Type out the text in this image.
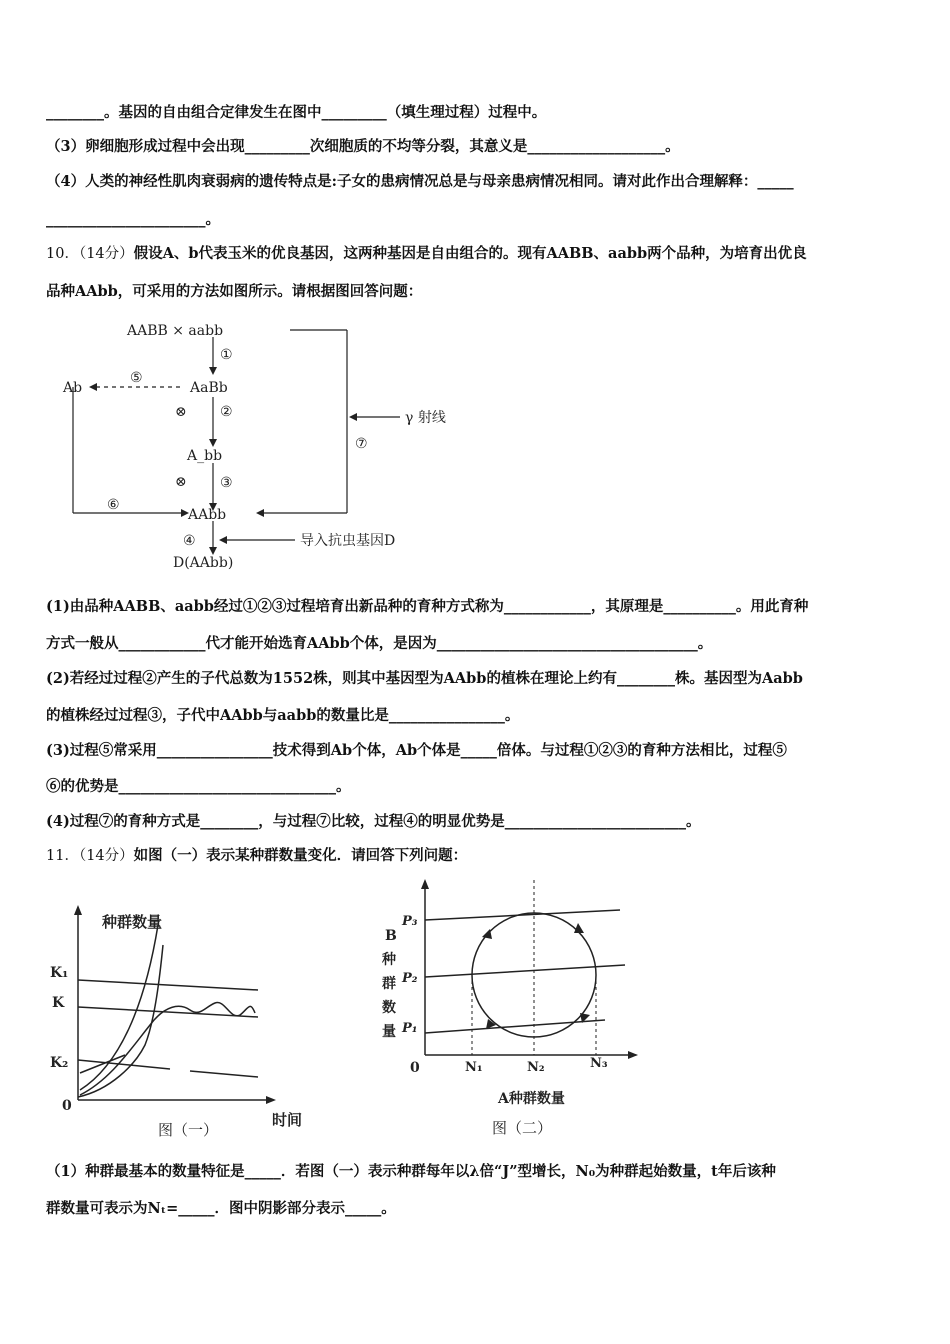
________。基因的自由组合定律发生在图中_________（填生理过程）过程中。
（3）卵细胞形成过程中会出现_________次细胞质的不均等分裂，其意义是___________________。
（4）人类的神经性肌肉衰弱病的遗传特点是:子女的患病情况总是与母亲患病情况相同。请对此作出合理解释：_____
______________________。
10．（14分）假设A、b代表玉米的优良基因，这两种基因是自由组合的。现有AABB、aabb两个品种，为培育出优良
品种AAbb，可采用的方法如图所示。请根据图回答问题：
AABB × aabb
AaBb
Ab
A_bb
AAbb
D(AAbb)
①
⊗ ②
⊗ ③
④
⑤
⑥
⑦
γ 射线
导入抗虫基因D
(1)由品种AABB、aabb经过①②③过程培育出新品种的育种方式称为____________，其原理是__________。用此育种
方式一般从____________代才能开始选育AAbb个体，是因为____________________________________。
(2)若经过过程②产生的子代总数为1552株，则其中基因型为AAbb的植株在理论上约有________株。基因型为Aabb
的植株经过过程③，子代中AAbb与aabb的数量比是________________。
(3)过程⑤常采用________________技术得到Ab个体，Ab个体是_____倍体。与过程①②③的育种方法相比，过程⑤
⑥的优势是______________________________。
(4)过程⑦的育种方式是________，与过程⑦比较，过程④的明显优势是_________________________。
11．（14分）如图（一）表示某种群数量变化．请回答下列问题：
种群数量
K₁
K
K₂
0
时间
图（一）
B
种
群
数
量
P₃
P₂
P₁
0	N₁	N₂	N₃
A种群数量
图（二）
（1）种群最基本的数量特征是_____．若图（一）表示种群每年以λ倍“J”型增长，N₀为种群起始数量，t年后该种
群数量可表示为Nₜ=_____．图中阴影部分表示_____。
